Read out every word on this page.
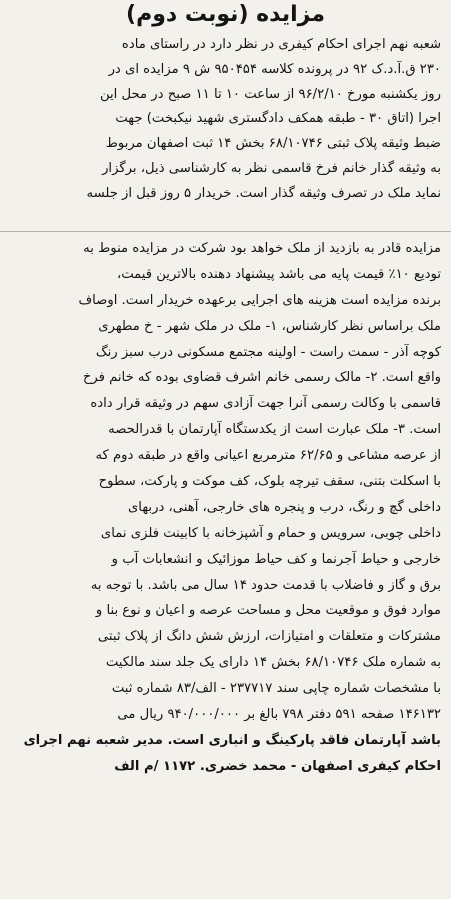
مزایده (نوبت دوم)
شعبه نهم اجرای احکام کیفری در نظر دارد در راستای ماده
۲۳۰ ق.آ.د.ک ۹۲ در پرونده کلاسه ۹۵۰۴۵۴ ش ۹ مزایده ای در
روز یکشنبه مورخ ۹۶/۲/۱۰ از ساعت ۱۰ تا ۱۱ صبح در محل این
اجرا (اتاق ۳۰ - طبقه همکف دادگستری شهید نیکبخت) جهت
ضبط وثیقه پلاک ثبتی ۶۸/۱۰۷۴۶ بخش ۱۴ ثبت اصفهان مربوط
به وثیقه گذار خانم فرخ قاسمی نظر به کارشناسی ذیل، برگزار
نماید ملک در تصرف وثیقه گذار است. خریدار ۵ روز قبل از جلسه
مزایده قادر به بازدید از ملک خواهد بود شرکت در مزایده منوط به
تودیع ۱۰٪ قیمت پایه می باشد پیشنهاد دهنده بالاترین قیمت،
برنده مزایده است هزینه های اجرایی برعهده خریدار است. اوصاف
ملک براساس نظر کارشناس، ۱- ملک در ملک شهر - خ مطهری
کوچه آذر - سمت راست - اولینه مجتمع مسکونی درب سبز رنگ
واقع است. ۲- مالک رسمی خانم اشرف قضاوی بوده که خانم فرخ
قاسمی با وکالت رسمی آنرا جهت آزادی سهم در وثیقه قرار داده
است. ۳- ملک عبارت است از یکدستگاه آپارتمان با قدرالحصه
از عرصه مشاعی و ۶۲/۶۵ مترمربع اعیانی واقع در طبقه دوم که
با اسکلت بتنی، سقف تیرچه بلوک، کف موکت و پارکت، سطوح
داخلی گچ و رنگ، درب و پنجره های خارجی، آهنی، دربهای
داخلی چوبی، سرویس و حمام و آشپزخانه با کابینت فلزی نمای
خارجی و حیاط آجرنما و کف حیاط موزائیک و انشعابات آب و
برق و گاز و فاضلاب با قدمت حدود ۱۴ سال می باشد. با توجه به
موارد فوق و موقعیت محل و مساحت عرصه و اعیان و نوع بنا و
مشترکات و متعلقات و امتیازات، ارزش شش دانگ از پلاک ثبتی
به شماره ملک ۶۸/۱۰۷۴۶ بخش ۱۴ دارای یک جلد سند مالکیت
با مشخصات شماره چاپی سند ۲۳۷۷۱۷ - الف/۸۳ شماره ثبت
۱۴۶۱۳۲ صفحه ۵۹۱ دفتر ۷۹۸ بالغ بر ۹۴۰/۰۰۰/۰۰۰ ریال می
باشد آپارتمان فاقد پارکینگ و انباری است. مدیر شعبه نهم اجرای
احکام کیفری اصفهان - محمد خضری. ۱۱۷۲ /م الف
